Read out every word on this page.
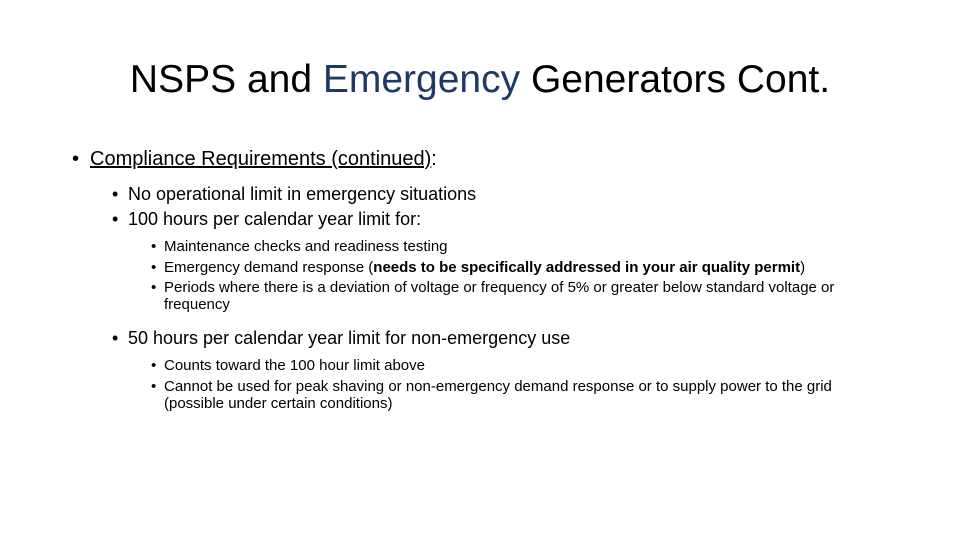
NSPS and Emergency Generators Cont.
• Compliance Requirements (continued):
• No operational limit in emergency situations
• 100 hours per calendar year limit for:
• Maintenance checks and readiness testing
• Emergency demand response (needs to be specifically addressed in your air quality permit)
• Periods where there is a deviation of voltage or frequency of 5% or greater below standard voltage or frequency
• 50 hours per calendar year limit for non-emergency use
• Counts toward the 100 hour limit above
• Cannot be used for peak shaving or non-emergency demand response or to supply power to the grid (possible under certain conditions)
